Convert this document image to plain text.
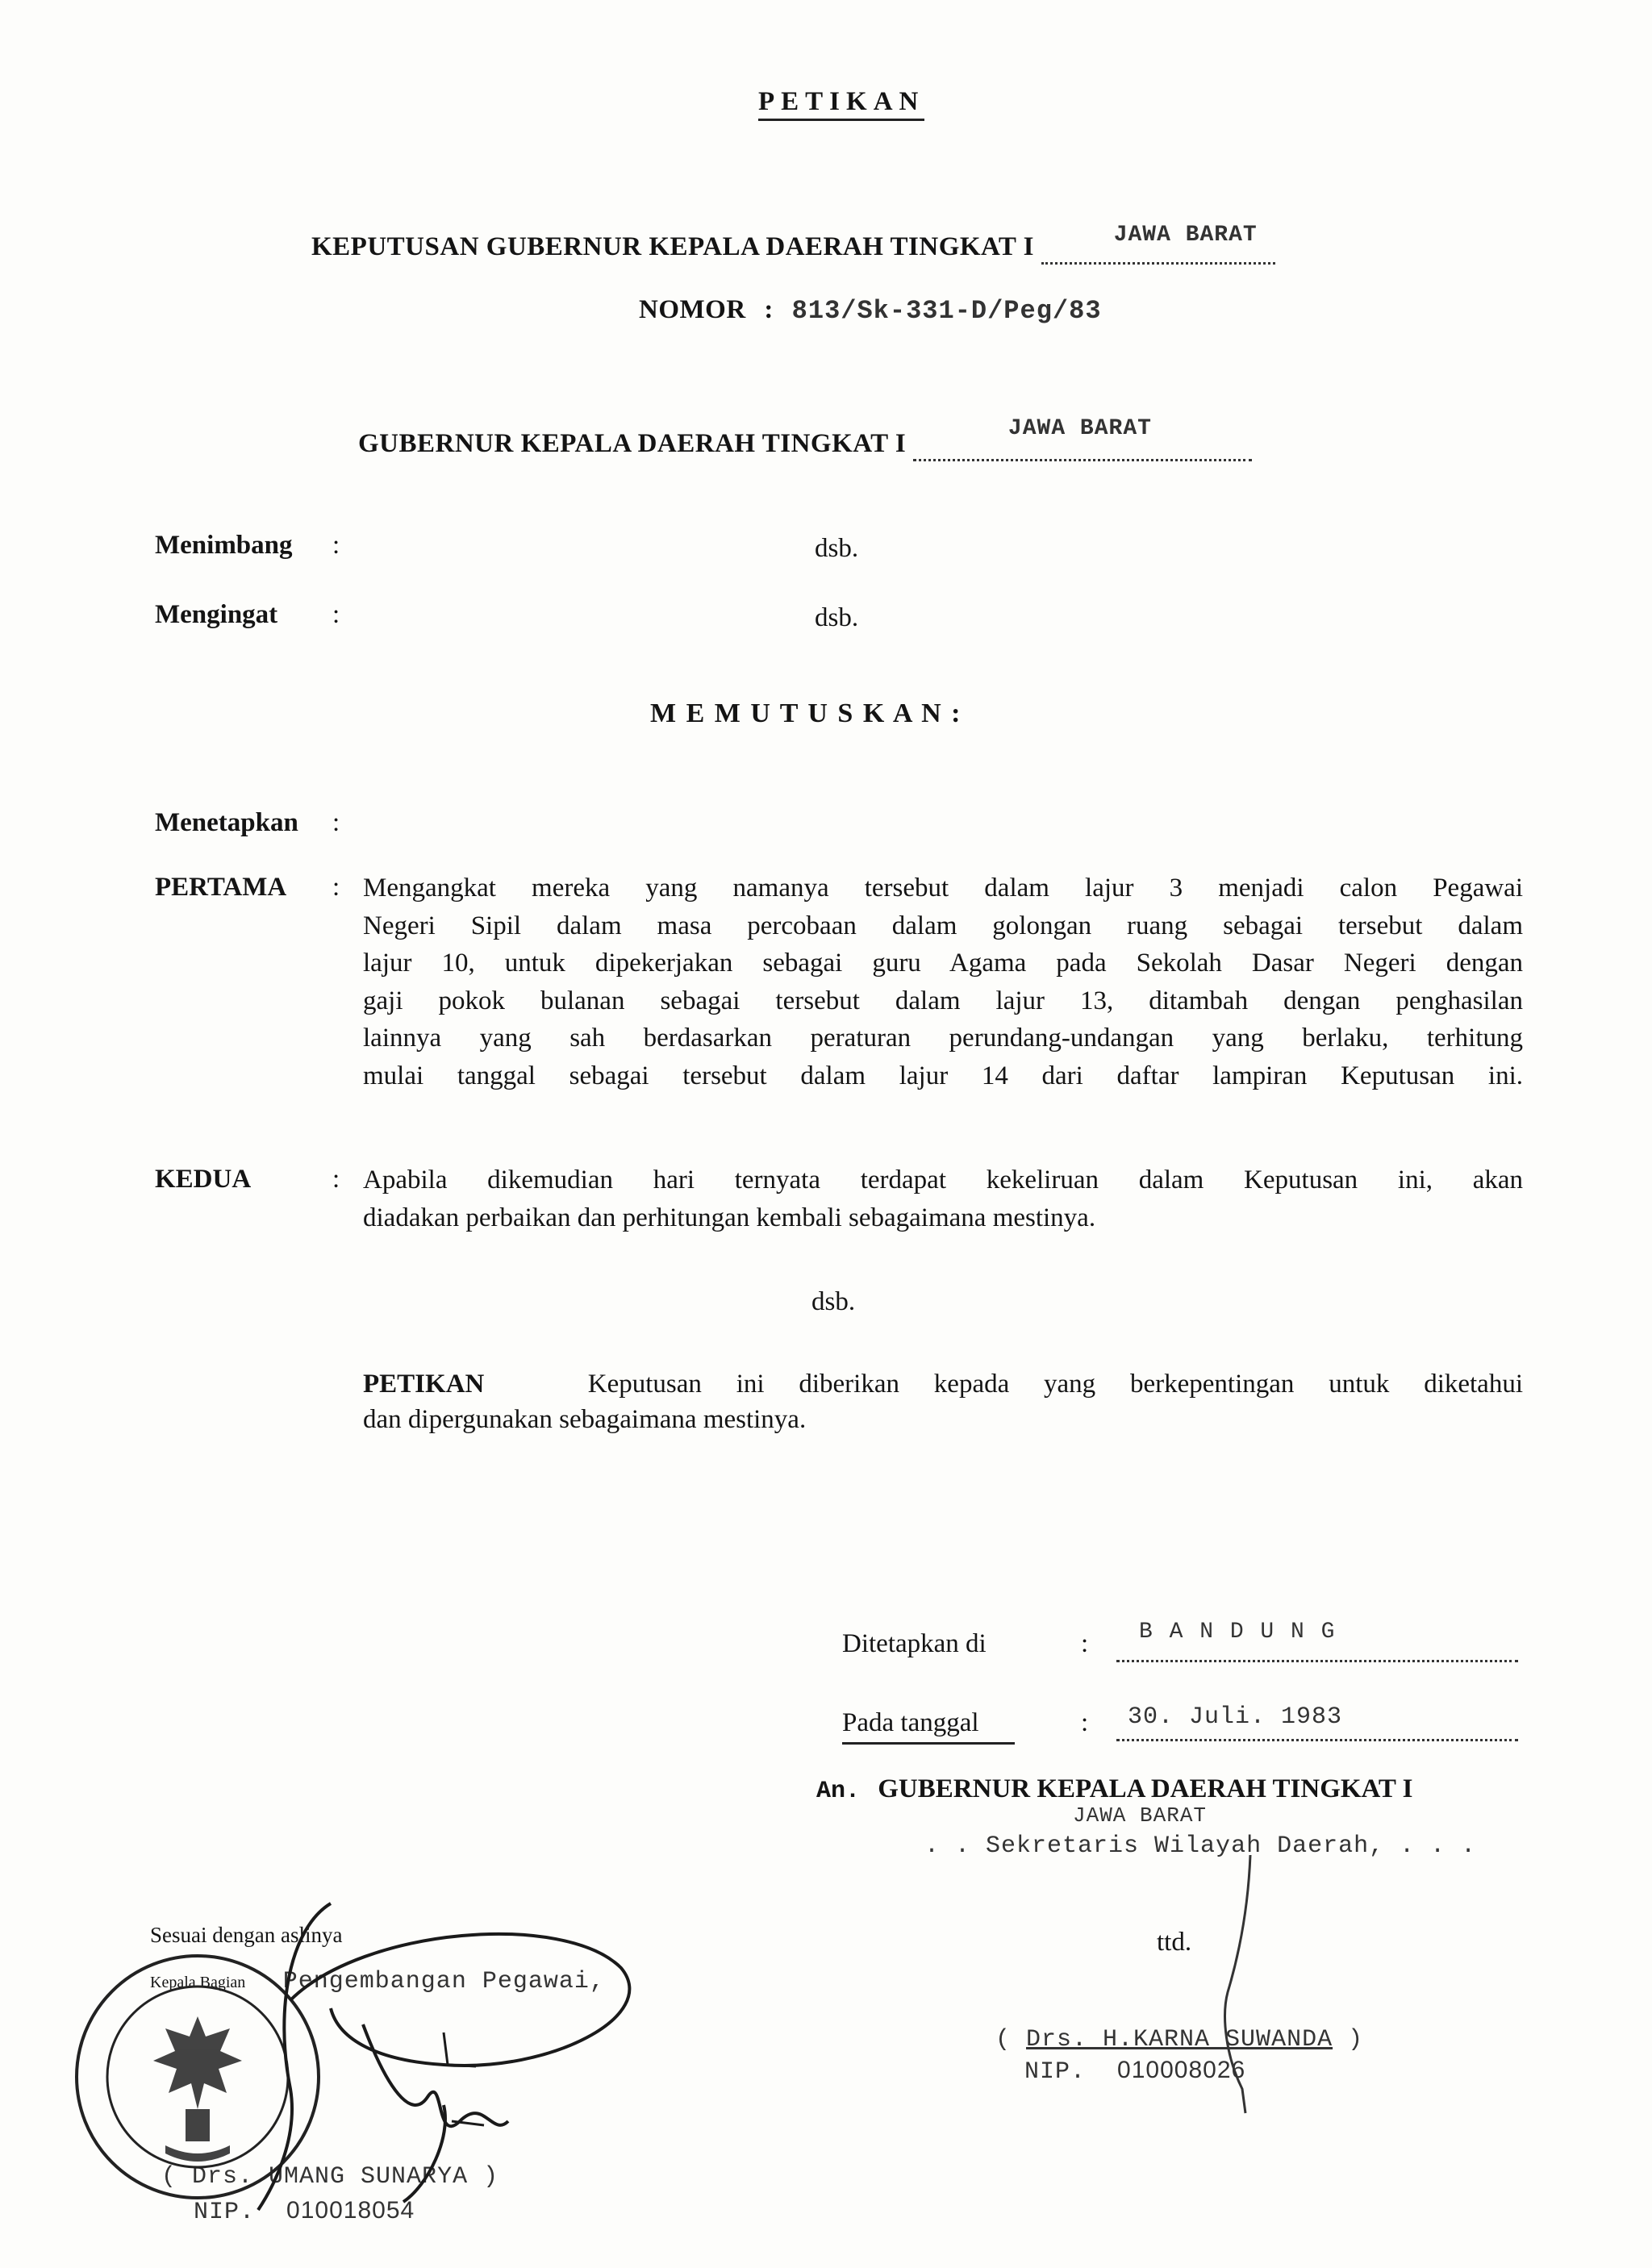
PETIKAN
KEPUTUSAN GUBERNUR KEPALA DAERAH TINGKAT I	JAWA BARAT

NOMOR : 813/Sk-331-D/Peg/83
GUBERNUR KEPALA DAERAH TINGKAT I
JAWA BARAT

Menimbang :	dsb.
Mengingat :	dsb.
M E M U T U S K A N :
Menetapkan :
PERTAMA : Mengangkat mereka yang namanya tersebut dalam lajur 3 menjadi calon Pegawai
Negeri Sipil dalam masa percobaan dalam golongan ruang sebagai tersebut dalam
lajur 10, untuk dipekerjakan sebagai guru Agama pada Sekolah Dasar Negeri dengan
gaji pokok bulanan sebagai tersebut dalam lajur 13, ditambah dengan penghasilan
lainnya yang sah berdasarkan peraturan perundang-undangan yang berlaku, terhitung
mulai tanggal sebagai tersebut dalam lajur 14 dari daftar lampiran Keputusan ini.
KEDUA	: Apabila dikemudian hari ternyata terdapat kekeliruan dalam Keputusan ini, akan
diadakan perbaikan dan perhitungan kembali sebagaimana mestinya.
dsb.
PETIKAN	Keputusan ini diberikan kepada yang berkepentingan untuk diketahui
dan dipergunakan sebagaimana mestinya.
Ditetapkan di	: B A N D U N G
Pada tanggal	: 30. Juli. 1983
An. GUBERNUR KEPALA DAERAH TINGKAT I
JAWA BARAT
. . Sekretaris Wilayah Daerah, . . .
ttd.
( Drs. H.KARNA SUWANDA )
NIP. 010008026
Sesuai dengan aslinya
Kepala Bagian Pengembangan Pegawai,
( Drs. UMANG SUNARYA )
NIP. 010018054
